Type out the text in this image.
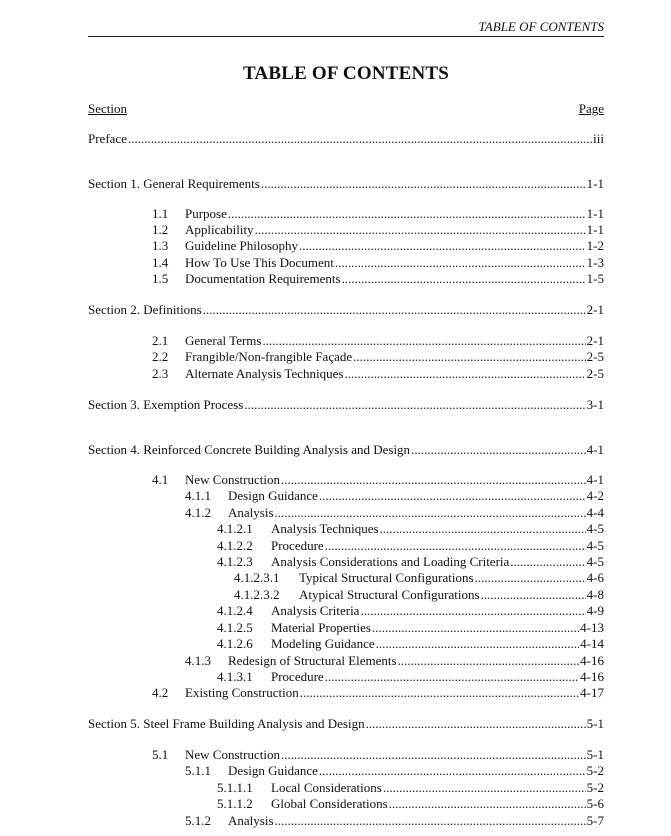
TABLE OF CONTENTS
TABLE OF CONTENTS
Section	Page
Preface .....	iii
Section 1. General Requirements .....	1-1
1.1	Purpose .....	1-1
1.2	Applicability .....	1-1
1.3	Guideline Philosophy .....	1-2
1.4	How To Use This Document .....	1-3
1.5	Documentation Requirements .....	1-5
Section 2. Definitions .....	2-1
2.1	General Terms .....	2-1
2.2	Frangible/Non-frangible Façade .....	2-5
2.3	Alternate Analysis Techniques .....	2-5
Section 3. Exemption Process .....	3-1
Section 4. Reinforced Concrete Building Analysis and Design .....	4-1
4.1	New Construction .....	4-1
4.1.1	Design Guidance .....	4-2
4.1.2	Analysis .....	4-4
4.1.2.1	Analysis Techniques .....	4-5
4.1.2.2	Procedure .....	4-5
4.1.2.3	Analysis Considerations and Loading Criteria .....	4-5
4.1.2.3.1	Typical Structural Configurations .....	4-6
4.1.2.3.2	Atypical Structural Configurations .....	4-8
4.1.2.4	Analysis Criteria .....	4-9
4.1.2.5	Material Properties .....	4-13
4.1.2.6	Modeling Guidance .....	4-14
4.1.3	Redesign of Structural Elements .....	4-16
4.1.3.1	Procedure .....	4-16
4.2	Existing Construction .....	4-17
Section 5. Steel Frame Building Analysis and Design .....	5-1
5.1	New Construction .....	5-1
5.1.1	Design Guidance .....	5-2
5.1.1.1	Local Considerations .....	5-2
5.1.1.2	Global Considerations .....	5-6
5.1.2	Analysis .....	5-7
